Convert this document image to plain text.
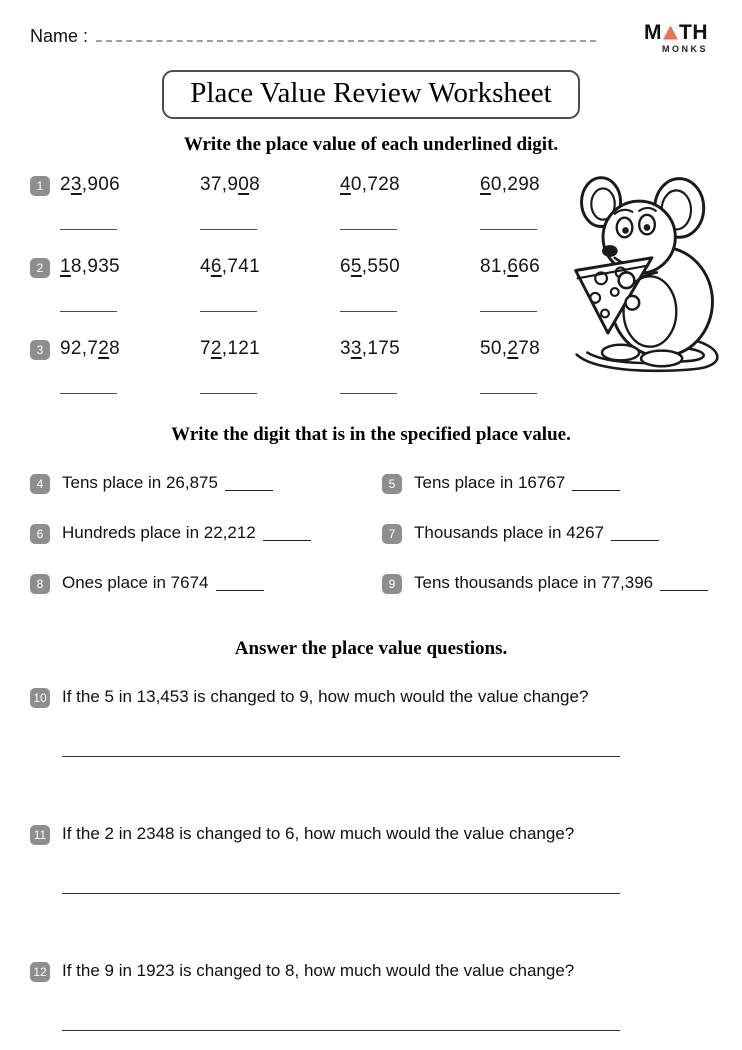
Name :	M TH
MONKS
Place Value Review Worksheet
Write the place value of each underlined digit.
1 23,906	37,908	40,728	60,298
2 18,935	46,741	65,550	81,666
3 92,728	72,121	33,175	50,278
Write the digit that is in the specified place value.
4	Tens place in 26,875	5	Tens place in 16767
6	Hundreds place in 22,212	7	Thousands place in 4267
8	Ones place in 7674	9	Tens thousands place in 77,396
Answer the place value questions.
10 If the 5 in 13,453 is changed to 9, how much would the value change?
11 If the 2 in 2348 is changed to 6, how much would the value change?
12 If the 9 in 1923 is changed to 8, how much would the value change?
